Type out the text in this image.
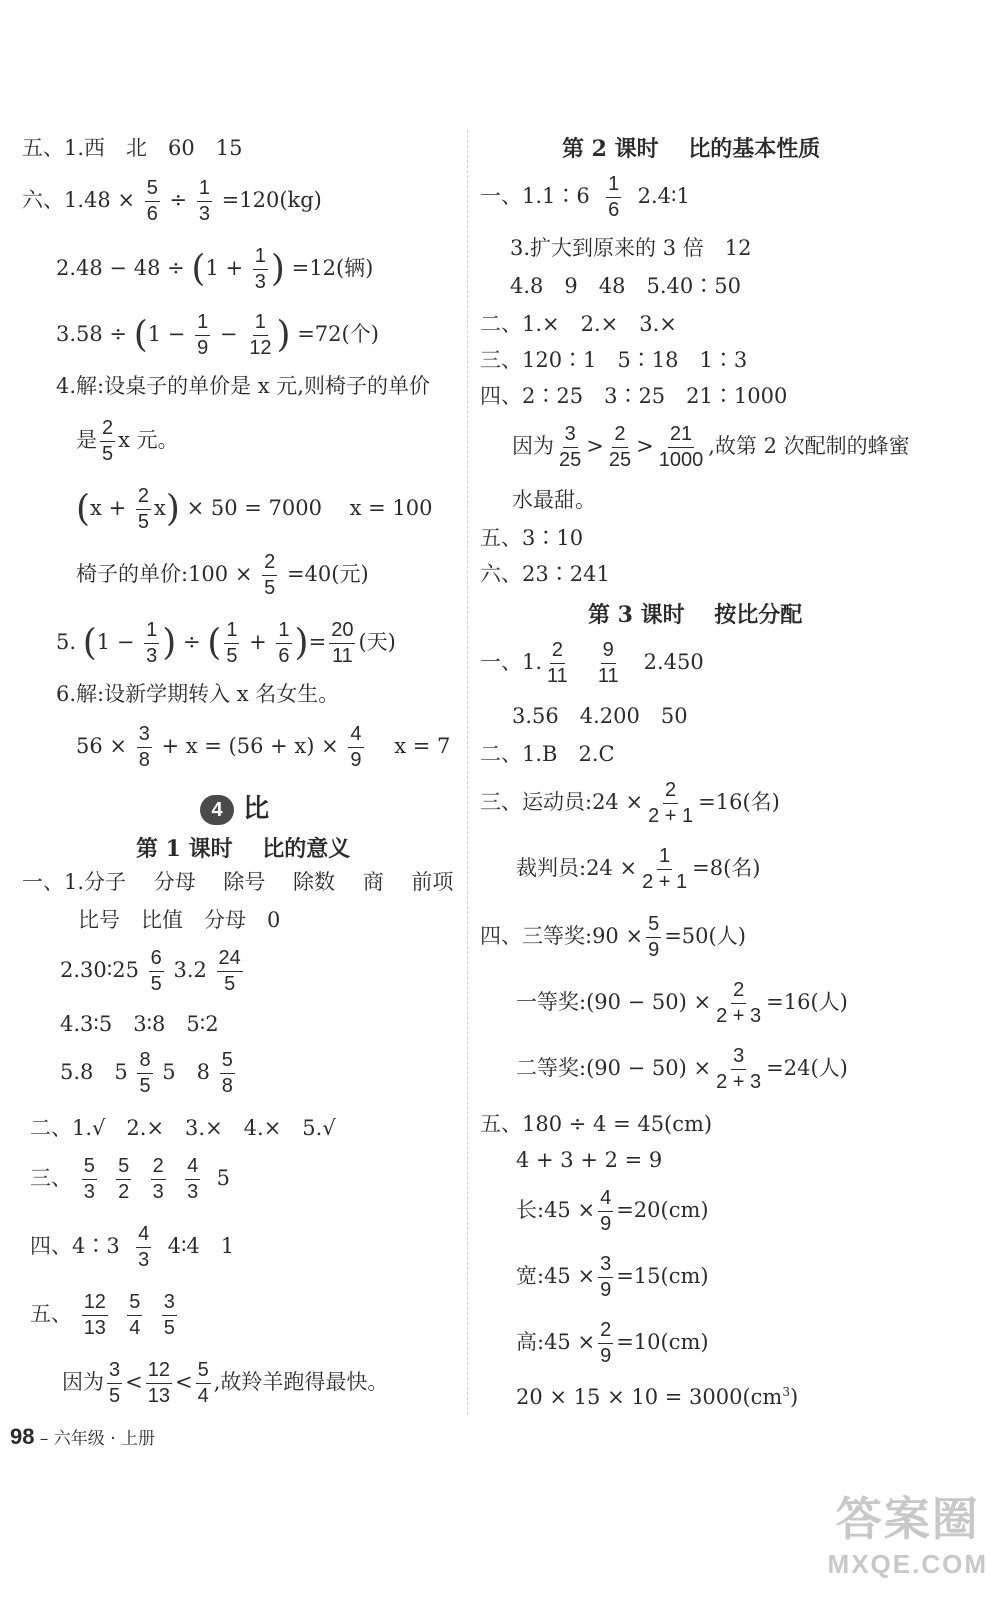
五、1.西　北　60　15
六、$1.48 \times \frac{5}{6} \div \frac{1}{3} =120(kg)$
$2.48 - 48 \div (1 + \frac{1}{3}$ ) =12(辆)
$3.58 \div (1 - \frac{1}{9} - \frac{1}{12}$ ) =72(个)
4.解:设桌子的单价是 x 元,则椅子的单价
是 $\frac{2}{5}$ x 元。
$(x + \frac{2}{5} x) \times 50 = 7000$　 x = 100
椅子的单价:100 × $\frac{2}{5} =40$(元)
5. ($1 - \frac{1}{3}$ ) ÷ ( $\frac{1}{5} + \frac{1}{6}$ )= $\frac{20}{11}$ (天)
6.解:设新学期转入 x 名女生。
$56 \times \frac{3}{8} + x = (56 + x) \times \frac{4}{9}$ 　x = 7
4 比
第 1 课时　 比的意义
一、1.分子　 分母　 除号　 除数　 商　 前项
比号　比值　分母　0
2.30∶25 $\frac{6}{5} 3.2 \frac{24}{5}$
4.3∶5　3∶8　5∶2
5.8　$5 \frac{8}{5} 5$　$8 \frac{5}{8}$
二、1.√　2.×　3.×　4.×　5.√
三、 $\frac{5}{3}$
$\frac{5}{2}$
$\frac{2}{3}$
$\frac{4}{3} 5$
四、4∶3 $\frac{4}{3}$ 4∶4　1
五、 $\frac{12}{13}$
$\frac{5}{4}$
$\frac{3}{5}$
因为 $\frac{3}{5} < \frac{12}{13} < \frac{5}{4}$ ,故羚羊跑得最快。
第 2 课时　 比的基本性质
一、1.1∶6 $\frac{1}{6}$ 2.4∶1
3.扩大到原来的 3 倍　12
4.8　9　48　5.40∶50
二、1.×　2.×　3.×
三、120∶1　5∶18　1∶3
四、2∶25　3∶25　21∶1000
因为 $\frac{3}{25} > \frac{2}{25} > \frac{21}{1000}$ ,故第 2 次配制的蜂蜜
水最甜。
五、3∶10
六、23∶241
第 3 课时　 按比分配
一、1. $\frac{2}{11}$
$\frac{9}{11} 2.450$
3.56　4.200　50
二、1.B　2.C
三、运动员:24 × $\frac{2}{2 + 1} =16$(名)
裁判员:24 × $\frac{1}{2 + 1} =8$(名)
四、三等奖:90 × $\frac{5}{9} =50$(人)
一等奖:(90 − $50) \times \frac{2}{2 + 3} =16$(人)
二等奖:(90 − $50) \times \frac{3}{2 + 3} =24$(人)
五、180 ÷ 4 = 45(cm)
4 + 3 + 2 = 9
长:45 × $\frac{4}{9} =20(cm)$
宽:45 × $\frac{3}{9} =15(cm)$
高:45 × $\frac{2}{9} =10(cm)$
$20 \times 15 \times 10 = 3000(cm^3)$
98 – 六年级 · 上册
答案圈
MXQE.COM
